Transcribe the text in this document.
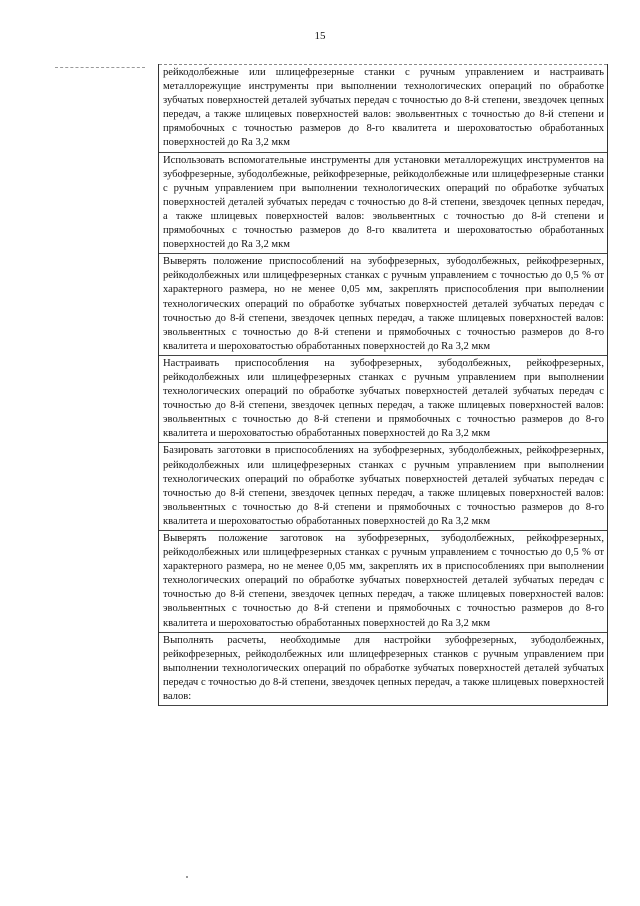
15
рейкодолбежные или шлицефрезерные станки с ручным управлением и настраивать металлорежущие инструменты при выполнении технологических операций по обработке зубчатых поверхностей деталей зубчатых передач с точностью до 8-й степени, звездочек цепных передач, а также шлицевых поверхностей валов: эвольвентных с точностью до 8-й степени и прямобочных с точностью размеров до 8-го квалитета и шероховатостью обработанных поверхностей до Ra 3,2 мкм
Использовать вспомогательные инструменты для установки металлорежущих инструментов на зубофрезерные, зубодолбежные, рейкофрезерные, рейкодолбежные или шлицефрезерные станки с ручным управлением при выполнении технологических операций по обработке зубчатых поверхностей деталей зубчатых передач с точностью до 8-й степени, звездочек цепных передач, а также шлицевых поверхностей валов: эвольвентных с точностью до 8-й степени и прямобочных с точностью размеров до 8-го квалитета и шероховатостью обработанных поверхностей до Ra 3,2 мкм
Выверять положение приспособлений на зубофрезерных, зубодолбежных, рейкофрезерных, рейкодолбежных или шлицефрезерных станках с ручным управлением с точностью до 0,5 % от характерного размера, но не менее 0,05 мм, закреплять приспособления при выполнении технологических операций по обработке зубчатых поверхностей деталей зубчатых передач с точностью до 8-й степени, звездочек цепных передач, а также шлицевых поверхностей валов: эвольвентных с точностью до 8-й степени и прямобочных с точностью размеров до 8-го квалитета и шероховатостью обработанных поверхностей до Ra 3,2 мкм
Настраивать приспособления на зубофрезерных, зубодолбежных, рейкофрезерных, рейкодолбежных или шлицефрезерных станках с ручным управлением при выполнении технологических операций по обработке зубчатых поверхностей деталей зубчатых передач с точностью до 8-й степени, звездочек цепных передач, а также шлицевых поверхностей валов: эвольвентных с точностью до 8-й степени и прямобочных с точностью размеров до 8-го квалитета и шероховатостью обработанных поверхностей до Ra 3,2 мкм
Базировать заготовки в приспособлениях на зубофрезерных, зубодолбежных, рейкофрезерных, рейкодолбежных или шлицефрезерных станках с ручным управлением при выполнении технологических операций по обработке зубчатых поверхностей деталей зубчатых передач с точностью до 8-й степени, звездочек цепных передач, а также шлицевых поверхностей валов: эвольвентных с точностью до 8-й степени и прямобочных с точностью размеров до 8-го квалитета и шероховатостью обработанных поверхностей до Ra 3,2 мкм
Выверять положение заготовок на зубофрезерных, зубодолбежных, рейкофрезерных, рейкодолбежных или шлицефрезерных станках с ручным управлением с точностью до 0,5 % от характерного размера, но не менее 0,05 мм, закреплять их в приспособлениях при выполнении технологических операций по обработке зубчатых поверхностей деталей зубчатых передач с точностью до 8-й степени, звездочек цепных передач, а также шлицевых поверхностей валов: эвольвентных с точностью до 8-й степени и прямобочных с точностью размеров до 8-го квалитета и шероховатостью обработанных поверхностей до Ra 3,2 мкм
Выполнять расчеты, необходимые для настройки зубофрезерных, зубодолбежных, рейкофрезерных, рейкодолбежных или шлицефрезерных станков с ручным управлением при выполнении технологических операций по обработке зубчатых поверхностей деталей зубчатых передач с точностью до 8-й степени, звездочек цепных передач, а также шлицевых поверхностей валов:
